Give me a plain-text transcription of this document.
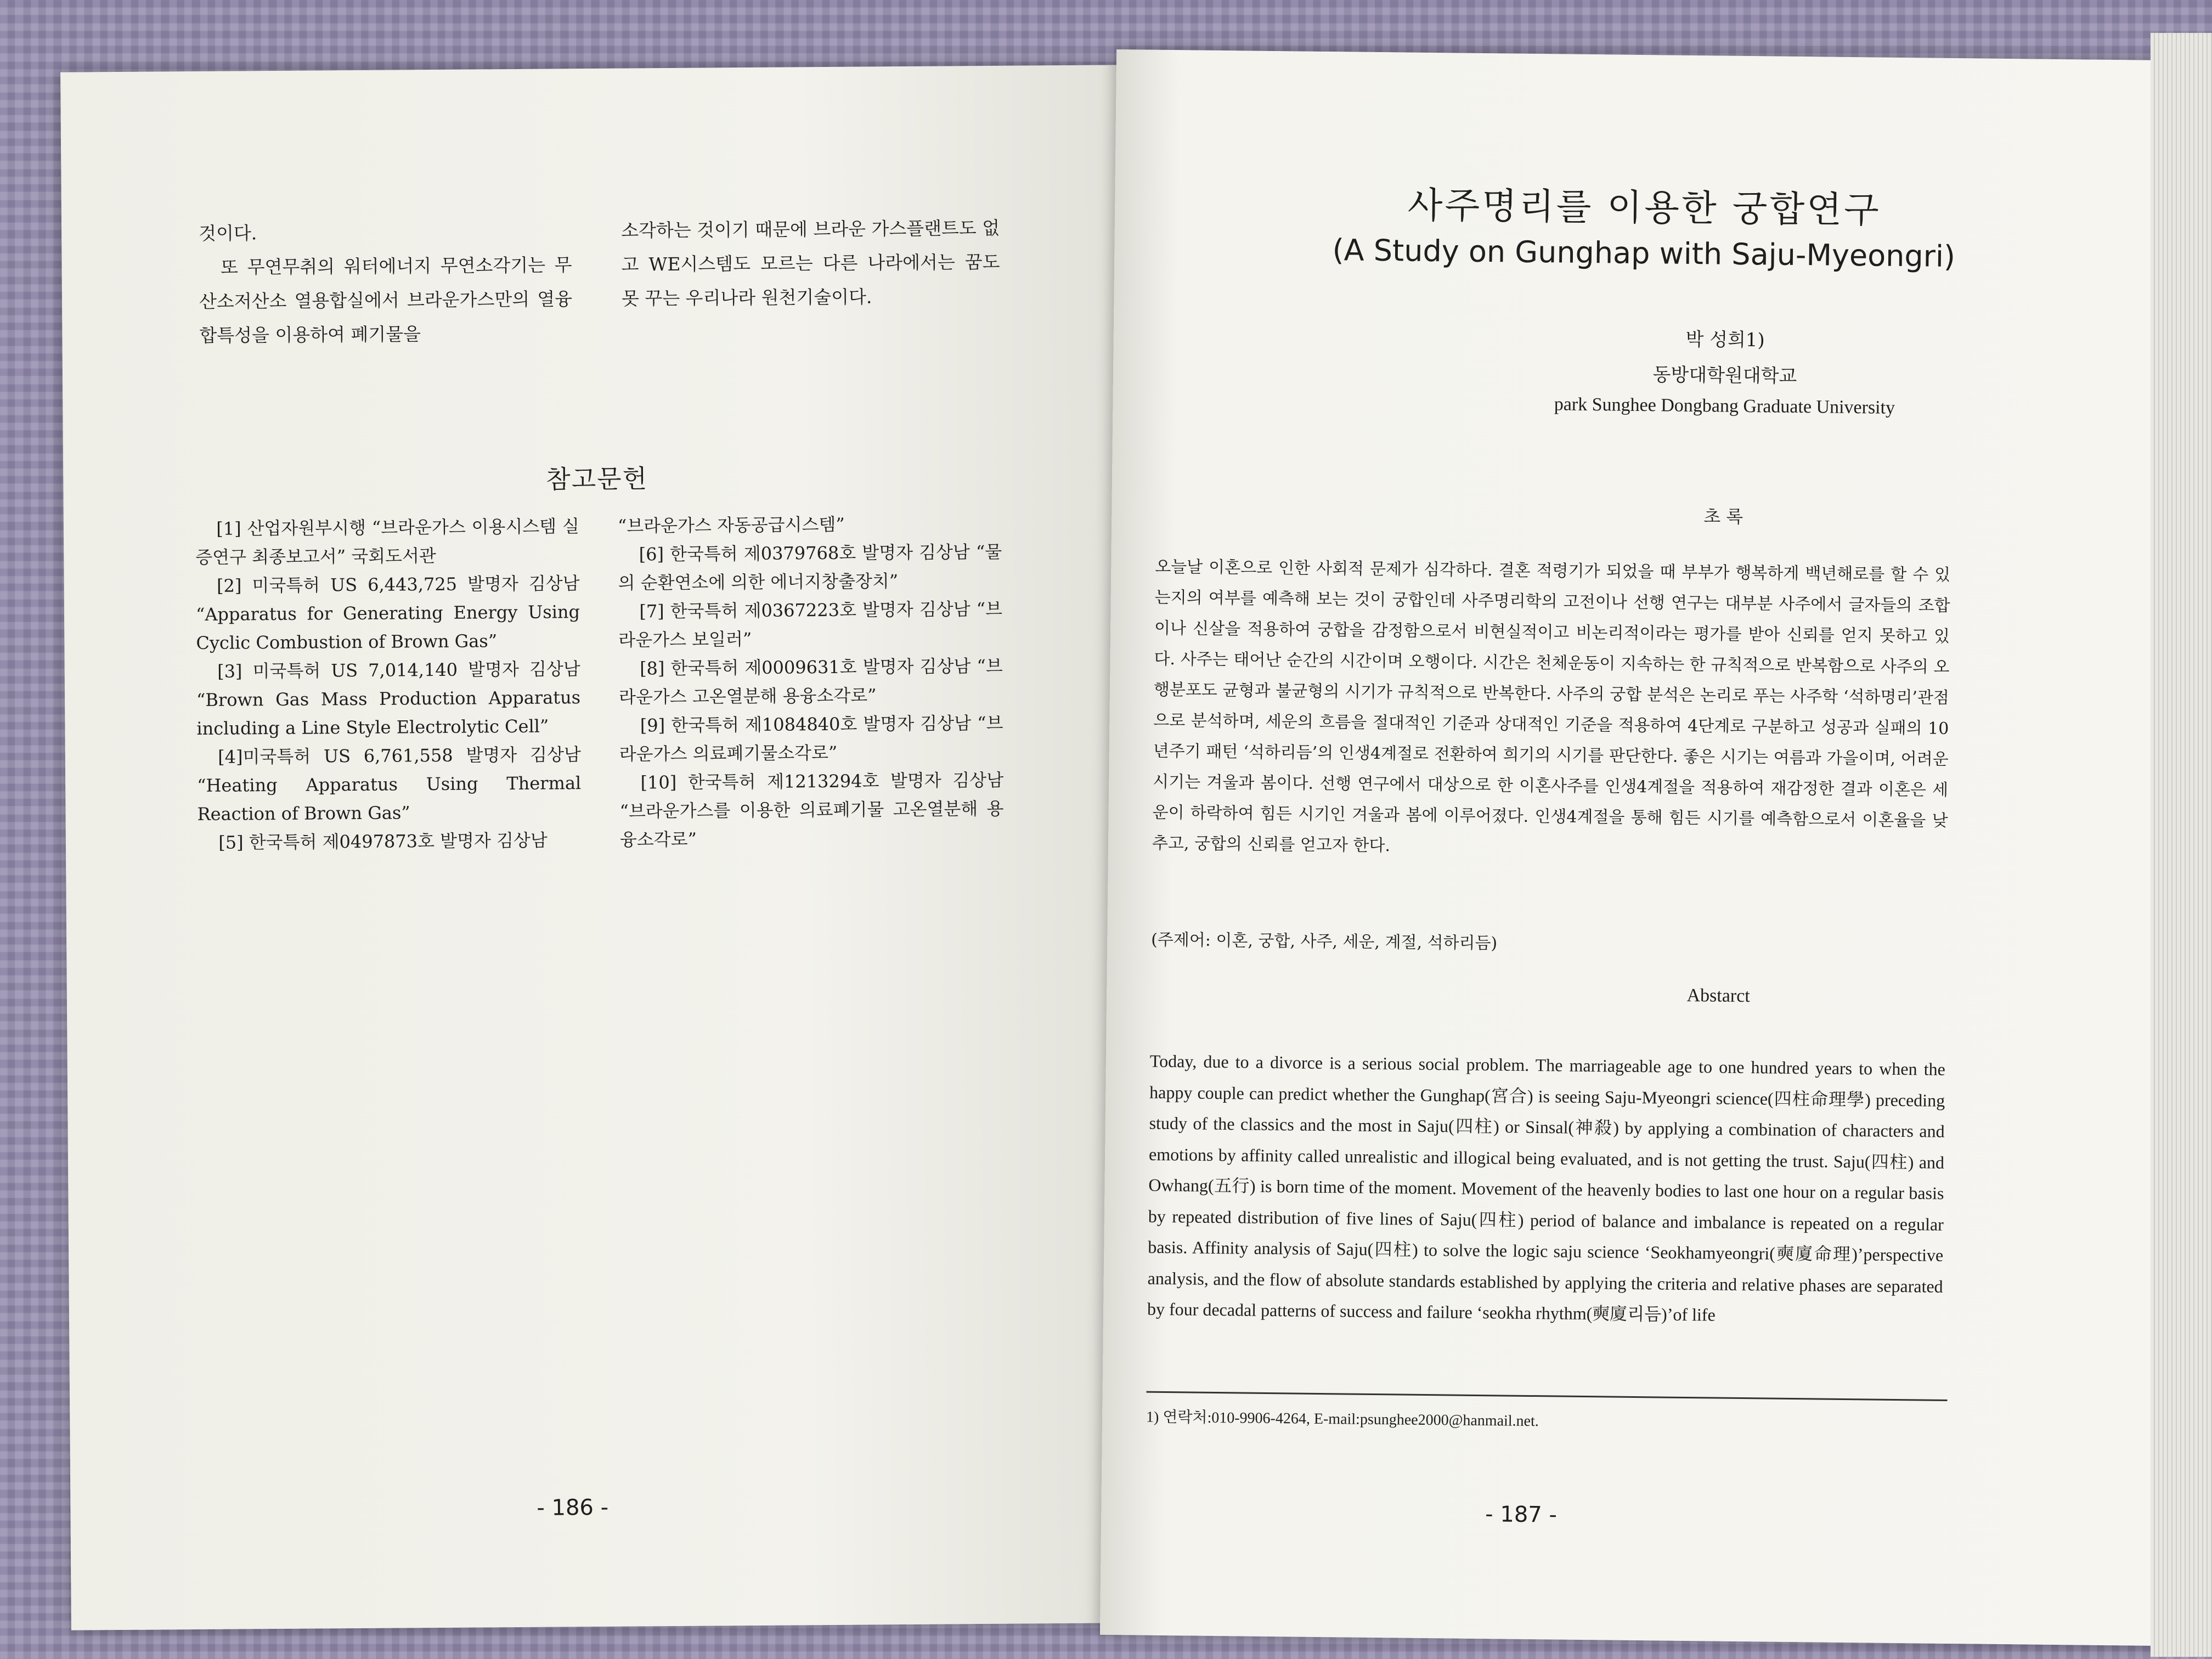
것이다.

또 무연무취의 워터에너지 무연소각기는 무산소저산소 열용합실에서 브라운가스만의 열융합특성을 이용하여 폐기물을

소각하는 것이기 때문에 브라운 가스플랜트도 없고 WE시스템도 모르는 다른 나라에서는 꿈도 못 꾸는 우리나라 원천기술이다.

참고문헌

[1] 산업자원부시행 “브라운가스 이용시스템 실증연구 최종보고서” 국회도서관

[2] 미국특허 US 6,443,725 발명자 김상남 “Apparatus for Generating Energy Using Cyclic Combustion of Brown Gas”

[3] 미국특허 US 7,014,140 발명자 김상남 “Brown Gas Mass Production Apparatus including a Line Style Electrolytic Cell”

[4]미국특허 US 6,761,558 발명자 김상남 “Heating Apparatus Using Thermal Reaction of Brown Gas”

[5] 한국특허 제0497873호 발명자 김상남

“브라운가스 자동공급시스템”

[6] 한국특허 제0379768호 발명자 김상남 “물의 순환연소에 의한 에너지창출장치”

[7] 한국특허 제0367223호 발명자 김상남 “브라운가스 보일러”

[8] 한국특허 제0009631호 발명자 김상남 “브라운가스 고온열분해 용융소각로”

[9] 한국특허 제1084840호 발명자 김상남 “브라운가스 의료폐기물소각로”

[10] 한국특허 제1213294호 발명자 김상남 “브라운가스를 이용한 의료폐기물 고온열분해 용융소각로”

- 186 -
사주명리를 이용한 궁합연구
(A Study on Gunghap with Saju-Myeongri)
박 성희1)
동방대학원대학교
park Sunghee Dongbang Graduate University
초 록

오늘날 이혼으로 인한 사회적 문제가 심각하다. 결혼 적령기가 되었을 때 부부가 행복하게 백년해로를 할 수 있는지의 여부를 예측해 보는 것이 궁합인데 사주명리학의 고전이나 선행 연구는 대부분 사주에서 글자들의 조합이나 신살을 적용하여 궁합을 감정함으로서 비현실적이고 비논리적이라는 평가를 받아 신뢰를 얻지 못하고 있다. 사주는 태어난 순간의 시간이며 오행이다. 시간은 천체운동이 지속하는 한 규칙적으로 반복함으로 사주의 오행분포도 균형과 불균형의 시기가 규칙적으로 반복한다. 사주의 궁합 분석은 논리로 푸는 사주학 ‘석하명리’관점으로 분석하며, 세운의 흐름을 절대적인 기준과 상대적인 기준을 적용하여 4단계로 구분하고 성공과 실패의 10년주기 패턴 ‘석하리듬’의 인생4계절로 전환하여 희기의 시기를 판단한다. 좋은 시기는 여름과 가을이며, 어려운 시기는 겨울과 봄이다. 선행 연구에서 대상으로 한 이혼사주를 인생4계절을 적용하여 재감정한 결과 이혼은 세운이 하락하여 힘든 시기인 겨울과 봄에 이루어졌다. 인생4계절을 통해 힘든 시기를 예측함으로서 이혼율을 낮추고, 궁합의 신뢰를 얻고자 한다.

(주제어: 이혼, 궁합, 사주, 세운, 계절, 석하리듬)

Abstarct

Today, due to a divorce is a serious social problem. The marriageable age to one hundred years to when the happy couple can predict whether the Gunghap(宮合) is seeing Saju-Myeongri science(四柱命理學) preceding study of the classics and the most in Saju(四柱) or Sinsal(神殺) by applying a combination of characters and emotions by affinity called unrealistic and illogical being evaluated, and is not getting the trust. Saju(四柱) and Owhang(五行) is born time of the moment. Movement of the heavenly bodies to last one hour on a regular basis by repeated distribution of five lines of Saju(四柱) period of balance and imbalance is repeated on a regular basis. Affinity analysis of Saju(四柱) to solve the logic saju science ‘Seokhamyeongri(奭廈命理)’perspective analysis, and the flow of absolute standards established by applying the criteria and relative phases are separated by four decadal patterns of success and failure ‘seokha rhythm(奭廈리듬)’of life

1) 연락처:010-9906-4264, E-mail:psunghee2000@hanmail.net.
- 187 -
